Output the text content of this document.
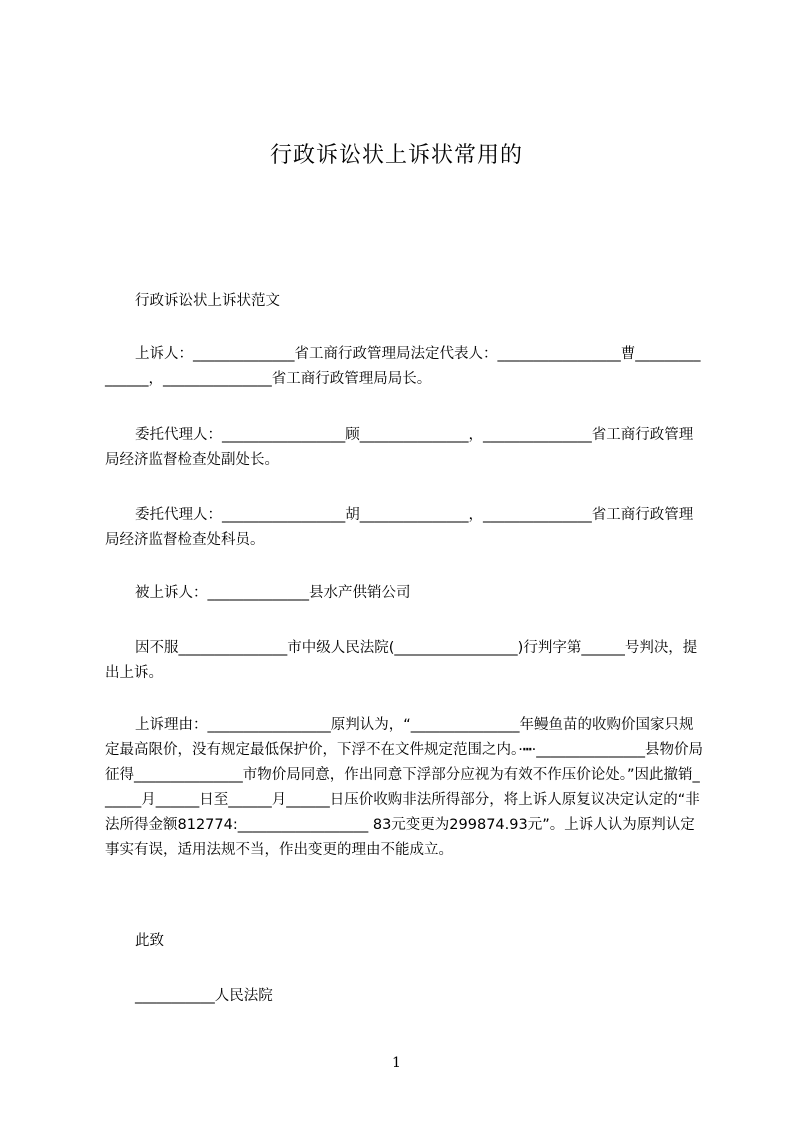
行政诉讼状上诉状常用的

行政诉讼状上诉状范文

上诉人：______________省工商行政管理局法定代表人：_________________曹_______________，_______________省工商行政管理局局长。

委托代理人：_________________顾_______________，_______________省工商行政管理局经济监督检查处副处长。

委托代理人：_________________胡_______________，_______________省工商行政管理局经济监督检查处科员。

被上诉人：______________县水产供销公司

因不服_______________市中级人民法院(_________________)行判字第______号判决，提出上诉。

上诉理由：_________________原判认为，“_______________年鳗鱼苗的收购价国家只规定最高限价，没有规定最低保护价，下浮不在文件规定范围之内。·┅·_______________县物价局征得_______________市物价局同意，作出同意下浮部分应视为有效不作压价论处。”因此撤销______月______日至______月______日压价收购非法所得部分，将上诉人原复议决定认定的“非法所得金额812774:__________________ 83元变更为299874.93元”。上诉人认为原判认定事实有误，适用法规不当，作出变更的理由不能成立。

此致

___________人民法院

1
